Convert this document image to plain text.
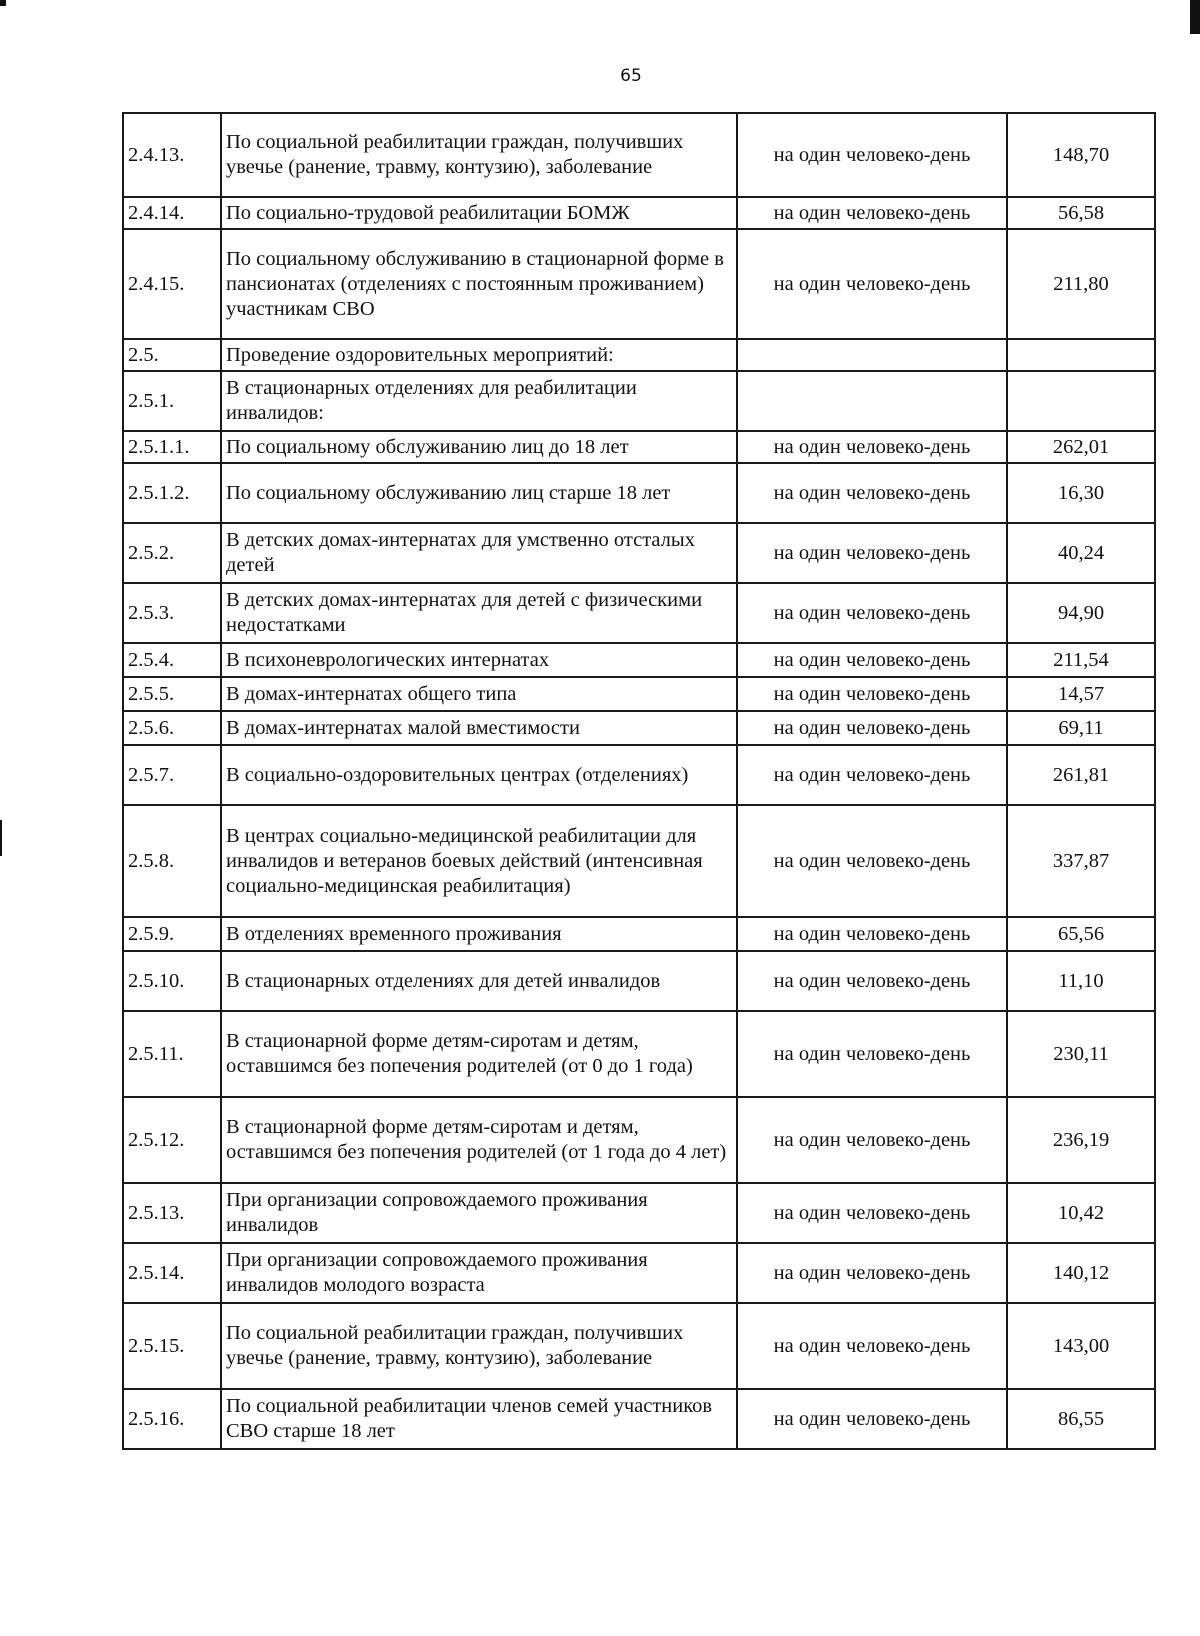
65
2.4.13.	По социальной реабилитации граждан, получивших увечье (ранение, травму, контузию), заболевание	на один человеко-день	148,70
2.4.14.	По социально-трудовой реабилитации БОМЖ	на один человеко-день	56,58
2.4.15.	По социальному обслуживанию в стационарной форме в пансионатах (отделениях с постоянным проживанием) участникам СВО	на один человеко-день	211,80
2.5.	Проведение оздоровительных мероприятий:		
2.5.1.	В стационарных отделениях для реабилитации инвалидов:		
2.5.1.1.	По социальному обслуживанию лиц до 18 лет	на один человеко-день	262,01
2.5.1.2.	По социальному обслуживанию лиц старше 18 лет	на один человеко-день	16,30
2.5.2.	В детских домах-интернатах для умственно отсталых детей	на один человеко-день	40,24
2.5.3.	В детских домах-интернатах для детей с физическими недостатками	на один человеко-день	94,90
2.5.4.	В психоневрологических интернатах	на один человеко-день	211,54
2.5.5.	В домах-интернатах общего типа	на один человеко-день	14,57
2.5.6.	В домах-интернатах малой вместимости	на один человеко-день	69,11
2.5.7.	В социально-оздоровительных центрах (отделениях)	на один человеко-день	261,81
2.5.8.	В центрах социально-медицинской реабилитации для инвалидов и ветеранов боевых действий (интенсивная социально-медицинская реабилитация)	на один человеко-день	337,87
2.5.9.	В отделениях временного проживания	на один человеко-день	65,56
2.5.10.	В стационарных отделениях для детей инвалидов	на один человеко-день	11,10
2.5.11.	В стационарной форме детям-сиротам и детям, оставшимся без попечения родителей (от 0 до 1 года)	на один человеко-день	230,11
2.5.12.	В стационарной форме детям-сиротам и детям, оставшимся без попечения родителей (от 1 года до 4 лет)	на один человеко-день	236,19
2.5.13.	При организации сопровождаемого проживания инвалидов	на один человеко-день	10,42
2.5.14.	При организации сопровождаемого проживания инвалидов молодого возраста	на один человеко-день	140,12
2.5.15.	По социальной реабилитации граждан, получивших увечье (ранение, травму, контузию), заболевание	на один человеко-день	143,00
2.5.16.	По социальной реабилитации членов семей участников СВО старше 18 лет	на один человеко-день	86,55
